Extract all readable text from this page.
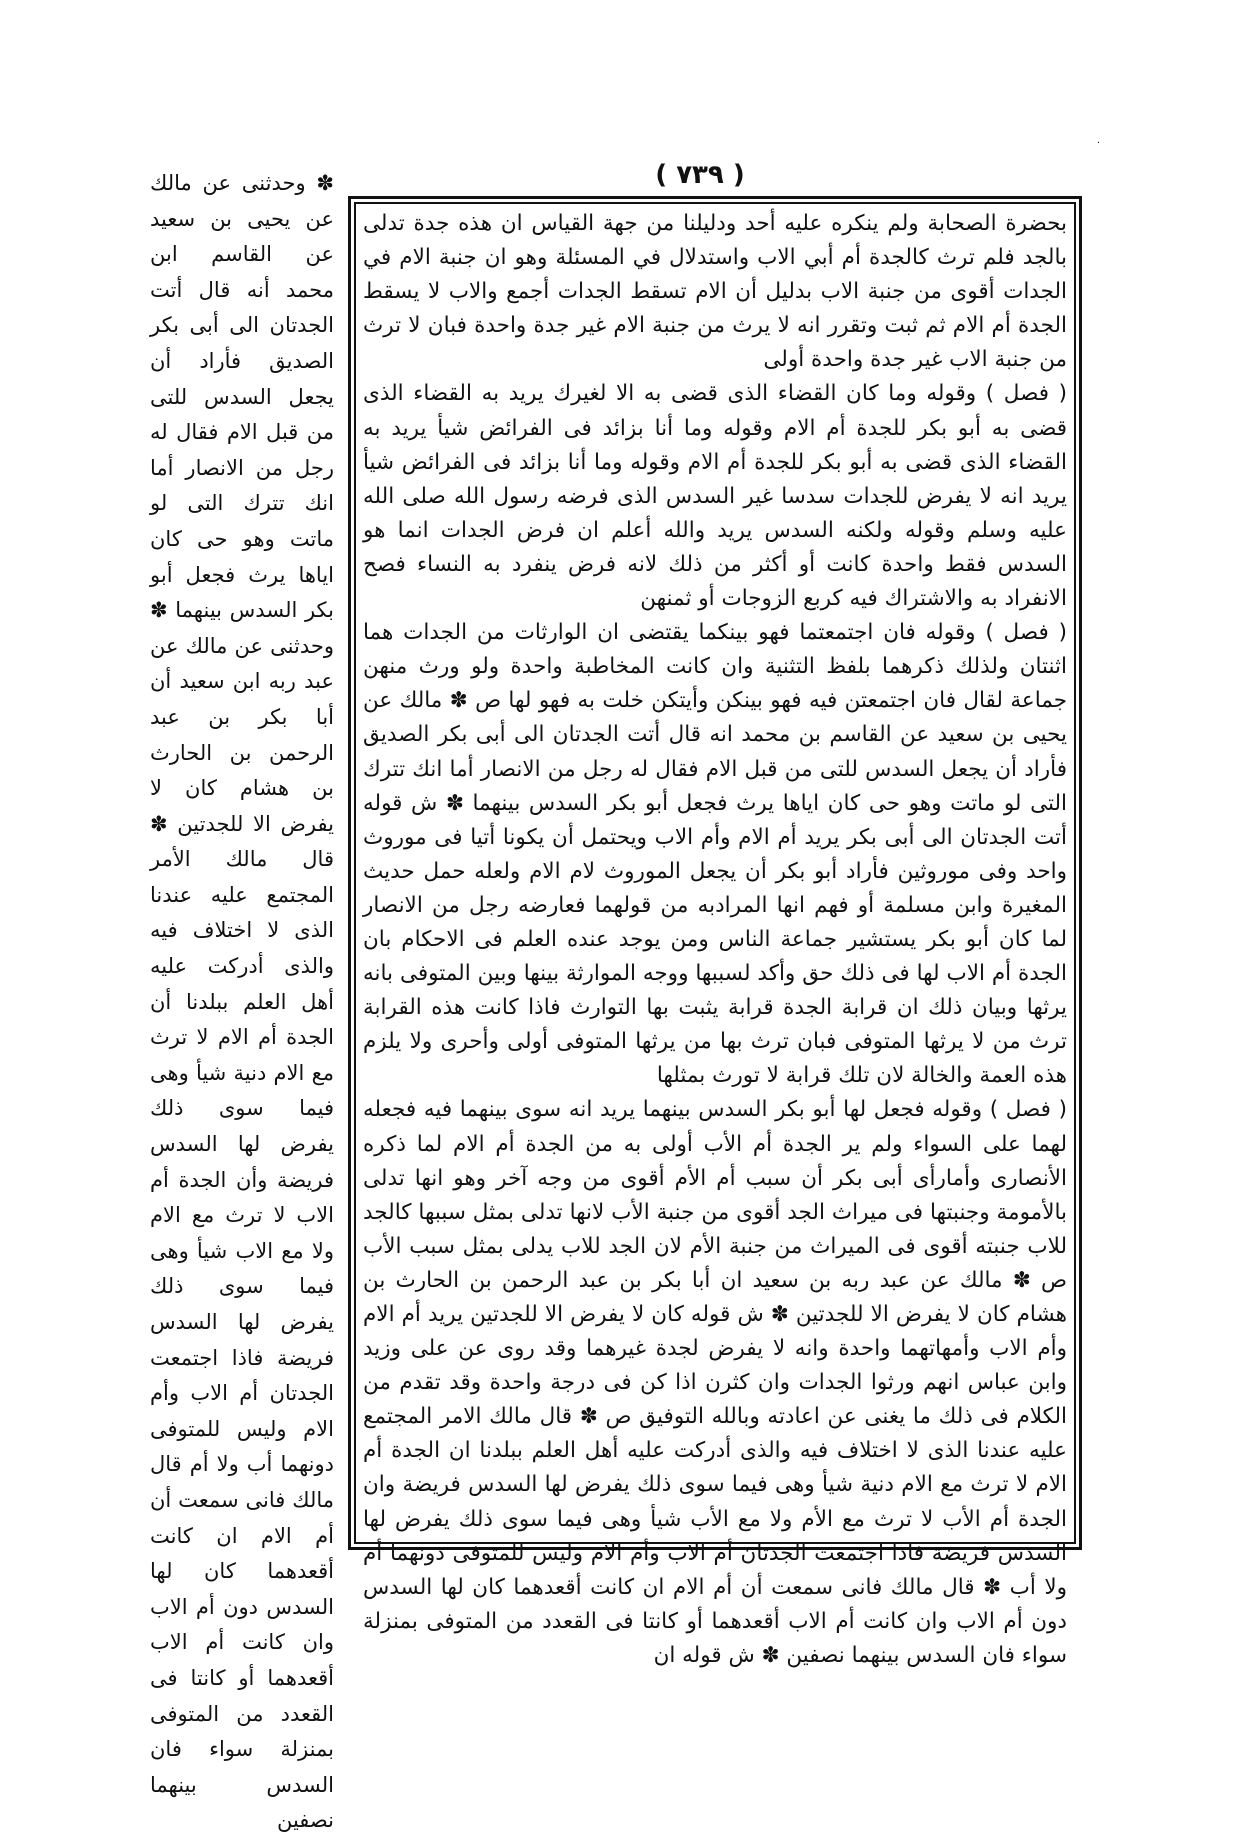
·
( ٧٣٩ )

بحضرة الصحابة ولم ينكره عليه أحد ودليلنا من جهة القياس ان هذه جدة تدلى بالجد فلم ترث كالجدة أم أبي الاب واستدلال في المسئلة وهو ان جنبة الام في الجدات أقوى من جنبة الاب بدليل أن الام تسقط الجدات أجمع والاب لا يسقط الجدة أم الام ثم ثبت وتقرر انه لا يرث من جنبة الام غير جدة واحدة فبان لا ترث من جنبة الاب غير جدة واحدة أولى

( فصل ) وقوله وما كان القضاء الذى قضى به الا لغيرك يريد به القضاء الذى قضى به أبو بكر للجدة أم الام وقوله وما أنا بزائد فى الفرائض شيأ يريد به القضاء الذى قضى به أبو بكر للجدة أم الام وقوله وما أنا بزائد فى الفرائض شيأ يريد انه لا يفرض للجدات سدسا غير السدس الذى فرضه رسول الله صلى الله عليه وسلم وقوله ولكنه السدس يريد والله أعلم ان فرض الجدات انما هو السدس فقط واحدة كانت أو أكثر من ذلك لانه فرض ينفرد به النساء فصح الانفراد به والاشتراك فيه كربع الزوجات أو ثمنهن

( فصل ) وقوله فان اجتمعتما فهو بينكما يقتضى ان الوارثات من الجدات هما اثنتان ولذلك ذكرهما بلفظ التثنية وان كانت المخاطبة واحدة ولو ورث منهن جماعة لقال فان اجتمعتن فيه فهو بينكن وأيتكن خلت به فهو لها ص ✽ مالك عن يحيى بن سعيد عن القاسم بن محمد انه قال أتت الجدتان الى أبى بكر الصديق فأراد أن يجعل السدس للتى من قبل الام فقال له رجل من الانصار أما انك تترك التى لو ماتت وهو حى كان اياها يرث فجعل أبو بكر السدس بينهما ✽ ش قوله أتت الجدتان الى أبى بكر يريد أم الام وأم الاب ويحتمل أن يكونا أتيا فى موروث واحد وفى موروثين فأراد أبو بكر أن يجعل الموروث لام الام ولعله حمل حديث المغيرة وابن مسلمة أو فهم انها المرادبه من قولهما فعارضه رجل من الانصار لما كان أبو بكر يستشير جماعة الناس ومن يوجد عنده العلم فى الاحكام بان الجدة أم الاب لها فى ذلك حق وأكد لسببها ووجه الموارثة بينها وبين المتوفى بانه يرثها وبيان ذلك ان قرابة الجدة قرابة يثبت بها التوارث فاذا كانت هذه القرابة ترث من لا يرثها المتوفى فبان ترث بها من يرثها المتوفى أولى وأحرى ولا يلزم هذه العمة والخالة لان تلك قرابة لا تورث بمثلها

( فصل ) وقوله فجعل لها أبو بكر السدس بينهما يريد انه سوى بينهما فيه فجعله لهما على السواء ولم ير الجدة أم الأب أولى به من الجدة أم الام لما ذكره الأنصارى وأمارأى أبى بكر أن سبب أم الأم أقوى من وجه آخر وهو انها تدلى بالأمومة وجنبتها فى ميراث الجد أقوى من جنبة الأب لانها تدلى بمثل سببها كالجد للاب جنبته أقوى فى الميراث من جنبة الأم لان الجد للاب يدلى بمثل سبب الأب ص ✽ مالك عن عبد ربه بن سعيد ان أبا بكر بن عبد الرحمن بن الحارث بن هشام كان لا يفرض الا للجدتين ✽ ش قوله كان لا يفرض الا للجدتين يريد أم الام وأم الاب وأمهاتهما واحدة وانه لا يفرض لجدة غيرهما وقد روى عن على وزيد وابن عباس انهم ورثوا الجدات وان كثرن اذا كن فى درجة واحدة وقد تقدم من الكلام فى ذلك ما يغنى عن اعادته وبالله التوفيق ص ✽ قال مالك الامر المجتمع عليه عندنا الذى لا اختلاف فيه والذى أدركت عليه أهل العلم ببلدنا ان الجدة أم الام لا ترث مع الام دنية شيأ وهى فيما سوى ذلك يفرض لها السدس فريضة وان الجدة أم الأب لا ترث مع الأم ولا مع الأب شيأ وهى فيما سوى ذلك يفرض لها السدس فريضة فاذا اجتمعت الجدتان أم الاب وأم الام وليس للمتوفى دونهما أم ولا أب ✽ قال مالك فانى سمعت أن أم الام ان كانت أقعدهما كان لها السدس دون أم الاب وان كانت أم الاب أقعدهما أو كانتا فى القعدد من المتوفى بمنزلة سواء فان السدس بينهما نصفين ✽ ش قوله ان

✽ وحدثنى عن مالك عن يحيى بن سعيد عن القاسم ابن محمد أنه قال أتت الجدتان الى أبى بكر الصديق فأراد أن يجعل السدس للتى من قبل الام فقال له رجل من الانصار أما انك تترك التى لو ماتت وهو حى كان اياها يرث فجعل أبو بكر السدس بينهما ✽ وحدثنى عن مالك عن عبد ربه ابن سعيد أن أبا بكر بن عبد الرحمن بن الحارث بن هشام كان لا يفرض الا للجدتين ✽ قال مالك الأمر المجتمع عليه عندنا الذى لا اختلاف فيه والذى أدركت عليه أهل العلم ببلدنا أن الجدة أم الام لا ترث مع الام دنية شيأ وهى فيما سوى ذلك يفرض لها السدس فريضة وأن الجدة أم الاب لا ترث مع الام ولا مع الاب شيأ وهى فيما سوى ذلك يفرض لها السدس فريضة فاذا اجتمعت الجدتان أم الاب وأم الام وليس للمتوفى دونهما أب ولا أم قال مالك فانى سمعت أن أم الام ان كانت أقعدهما كان لها السدس دون أم الاب وان كانت أم الاب أقعدهما أو كانتا فى القعدد من المتوفى بمنزلة سواء فان السدس بينهما نصفين
